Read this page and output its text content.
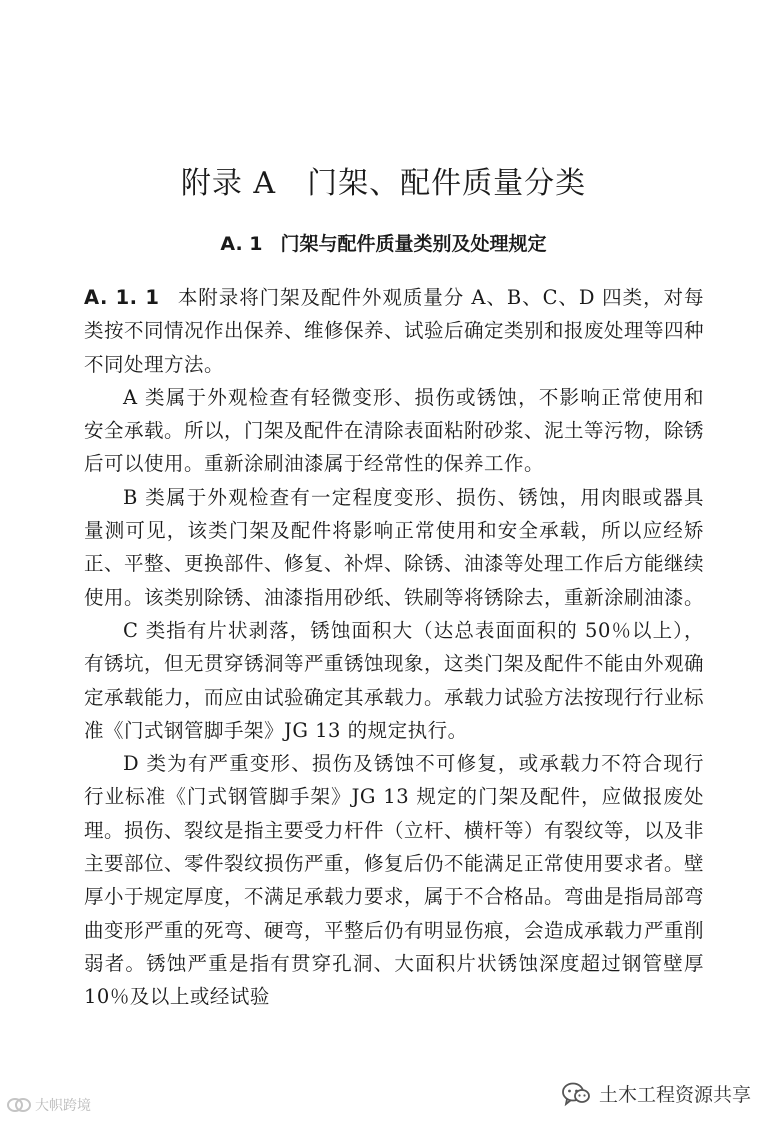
附录 A　门架、配件质量分类
A. 1 门架与配件质量类别及处理规定

A. 1. 1 本附录将门架及配件外观质量分 A、B、C、D 四类，对每类按不同情况作出保养、维修保养、试验后确定类别和报废处理等四种不同处理方法。

A 类属于外观检查有轻微变形、损伤或锈蚀，不影响正常使用和安全承载。所以，门架及配件在清除表面粘附砂浆、泥土等污物，除锈后可以使用。重新涂刷油漆属于经常性的保养工作。

B 类属于外观检查有一定程度变形、损伤、锈蚀，用肉眼或器具量测可见，该类门架及配件将影响正常使用和安全承载，所以应经矫正、平整、更换部件、修复、补焊、除锈、油漆等处理工作后方能继续使用。该类别除锈、油漆指用砂纸、铁刷等将锈除去，重新涂刷油漆。

C 类指有片状剥落，锈蚀面积大（达总表面面积的 50％以上），有锈坑，但无贯穿锈洞等严重锈蚀现象，这类门架及配件不能由外观确定承载能力，而应由试验确定其承载力。承载力试验方法按现行行业标准《门式钢管脚手架》JG 13 的规定执行。

D 类为有严重变形、损伤及锈蚀不可修复，或承载力不符合现行行业标准《门式钢管脚手架》JG 13 规定的门架及配件，应做报废处理。损伤、裂纹是指主要受力杆件（立杆、横杆等）有裂纹等，以及非主要部位、零件裂纹损伤严重，修复后仍不能满足正常使用要求者。壁厚小于规定厚度，不满足承载力要求，属于不合格品。弯曲是指局部弯曲变形严重的死弯、硬弯，平整后仍有明显伤痕，会造成承载力严重削弱者。锈蚀严重是指有贯穿孔洞、大面积片状锈蚀深度超过钢管壁厚 10％及以上或经试验

大帜跨境	土木工程资源共享
